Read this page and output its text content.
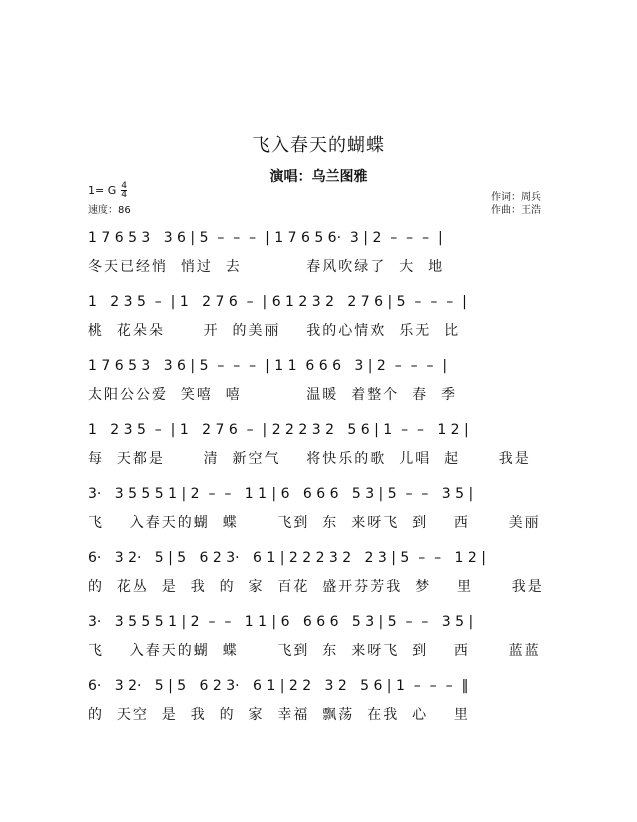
飞入春天的蝴蝶
演唱：乌兰图雅
1= G $\frac{4}{4}$
速度：86
作词：周兵
作曲：王浩
1 7 6 5 3   3 6 | 5  –  –  –  | 1 7 6 5 6·  3 | 2  –  –  –  |
冬天已经悄  悄过  去          春风吹绿了  大  地
1   2 3 5  –  | 1   2 7 6  –  | 6 1 2 3 2   2 7 6 | 5  –  –  –  |
桃  花朵朵      开  的美丽    我的心情欢  乐无  比
1 7 6 5 3   3 6 | 5  –  –  –  | 1 1  6 6 6   3 | 2  –  –  –  |
太阳公公爱  笑嘻  嘻          温暖  着整个  春  季
1   2 3 5  –  | 1   2 7 6  –  | 2 2 2 3 2   5 6 | 1  –  –   1 2 |
每  天都是      清  新空气    将快乐的歌  儿唱  起      我是
3·   3 5 5 5 1 | 2  –  –   1 1 | 6   6 6 6   5 3 | 5  –  –   3 5 |
飞    入春天的蝴  蝶      飞到  东  来呀飞  到    西      美丽
6·   3 2·   5 | 5   6 2 3·   6 1 | 2 2 2 3 2   2 3 | 5  –  –   1 2 |
的  花丛  是  我  的  家  百花  盛开芬芳我  梦    里      我是
3·   3 5 5 5 1 | 2  –  –   1 1 | 6   6 6 6   5 3 | 5  –  –   3 5 |
飞    入春天的蝴  蝶      飞到  东  来呀飞  到    西      蓝蓝
6·   3 2·   5 | 5   6 2 3·   6 1 | 2 2   3 2   5 6 | 1  –  –  –  ‖
的  天空  是  我  的  家  幸福  飘荡  在我  心    里
